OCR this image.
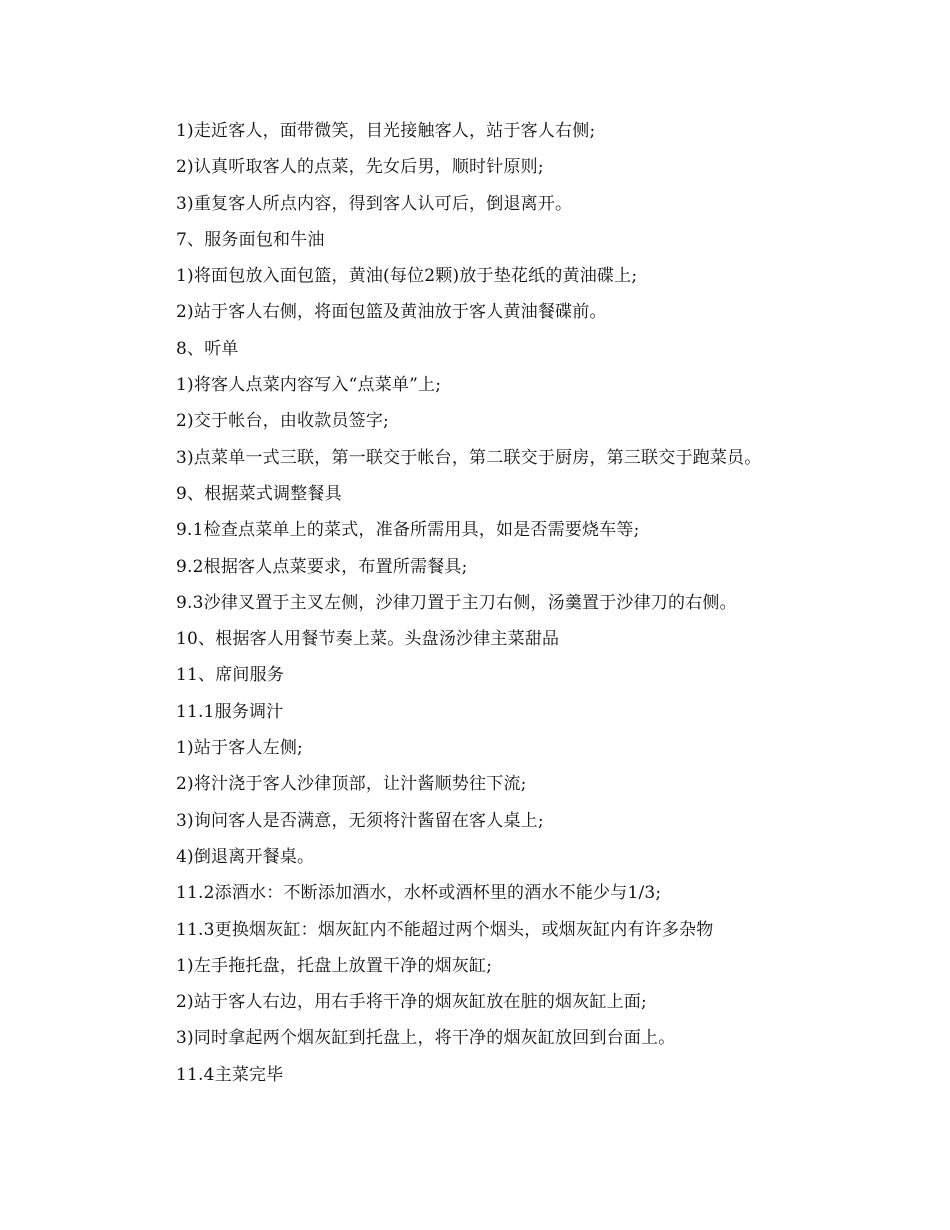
1)走近客人，面带微笑，目光接触客人，站于客人右侧;
2)认真听取客人的点菜，先女后男，顺时针原则;
3)重复客人所点内容，得到客人认可后，倒退离开。
7、服务面包和牛油
1)将面包放入面包篮，黄油(每位2颗)放于垫花纸的黄油碟上;
2)站于客人右侧，将面包篮及黄油放于客人黄油餐碟前。
8、听单
1)将客人点菜内容写入“点菜单”上;
2)交于帐台，由收款员签字;
3)点菜单一式三联，第一联交于帐台，第二联交于厨房，第三联交于跑菜员。
9、根据菜式调整餐具
9.1检查点菜单上的菜式，准备所需用具，如是否需要烧车等;
9.2根据客人点菜要求，布置所需餐具;
9.3沙律叉置于主叉左侧，沙律刀置于主刀右侧，汤羹置于沙律刀的右侧。
10、根据客人用餐节奏上菜。头盘汤沙律主菜甜品
11、席间服务
11.1服务调汁
1)站于客人左侧;
2)将汁浇于客人沙律顶部，让汁酱顺势往下流;
3)询问客人是否满意，无须将汁酱留在客人桌上;
4)倒退离开餐桌。
11.2添酒水：不断添加酒水，水杯或酒杯里的酒水不能少与1/3;
11.3更换烟灰缸：烟灰缸内不能超过两个烟头，或烟灰缸内有许多杂物
1)左手拖托盘，托盘上放置干净的烟灰缸;
2)站于客人右边，用右手将干净的烟灰缸放在脏的烟灰缸上面;
3)同时拿起两个烟灰缸到托盘上，将干净的烟灰缸放回到台面上。
11.4主菜完毕
